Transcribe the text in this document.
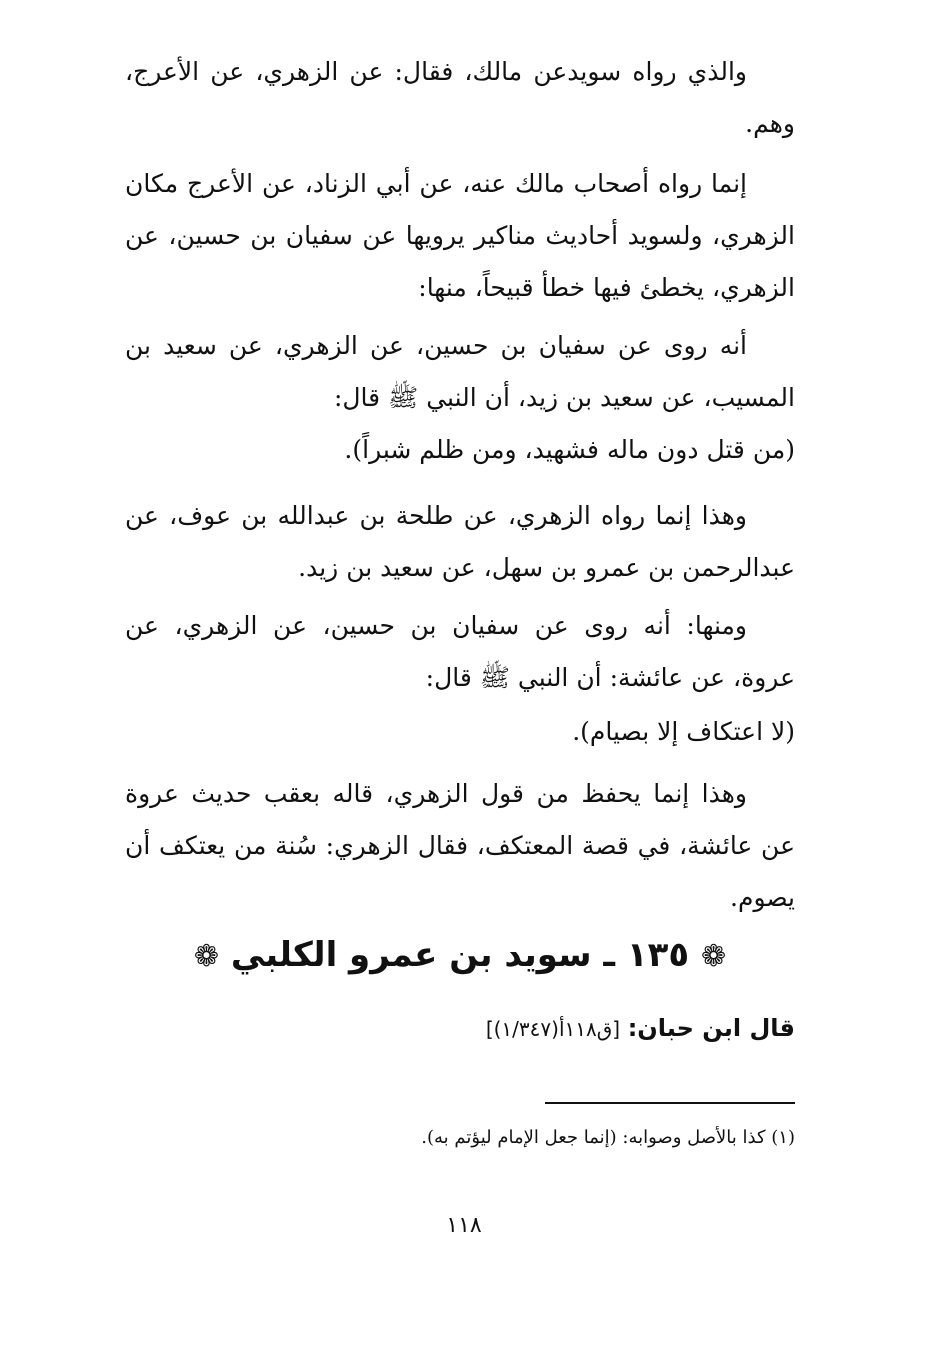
والذي رواه سويدعن مالك، فقال: عن الزهري، عن الأعرج، وهم.
إنما رواه أصحاب مالك عنه، عن أبي الزناد، عن الأعرج مكان الزهري، ولسويد أحاديث مناكير يرويها عن سفيان بن حسين، عن الزهري، يخطئ فيها خطأ قبيحاً، منها:
أنه روى عن سفيان بن حسين، عن الزهري، عن سعيد بن المسيب، عن سعيد بن زيد، أن النبي ﷺ قال:
(من قتل دون ماله فشهيد، ومن ظلم شبراً).
وهذا إنما رواه الزهري، عن طلحة بن عبدالله بن عوف، عن عبدالرحمن بن عمرو بن سهل، عن سعيد بن زيد.
ومنها: أنه روى عن سفيان بن حسين، عن الزهري، عن عروة، عن عائشة: أن النبي ﷺ قال:
(لا اعتكاف إلا بصيام).
وهذا إنما يحفظ من قول الزهري، قاله بعقب حديث عروة عن عائشة، في قصة المعتكف، فقال الزهري: سُنة من يعتكف أن يصوم.
❁ ١٣٥ ـ سويد بن عمرو الكلبي ❁
قال ابن حبان: [ق١١٨أ(١/٣٤٧)]
(١) كذا بالأصل وصوابه: (إنما جعل الإمام ليؤتم به).
١١٨
